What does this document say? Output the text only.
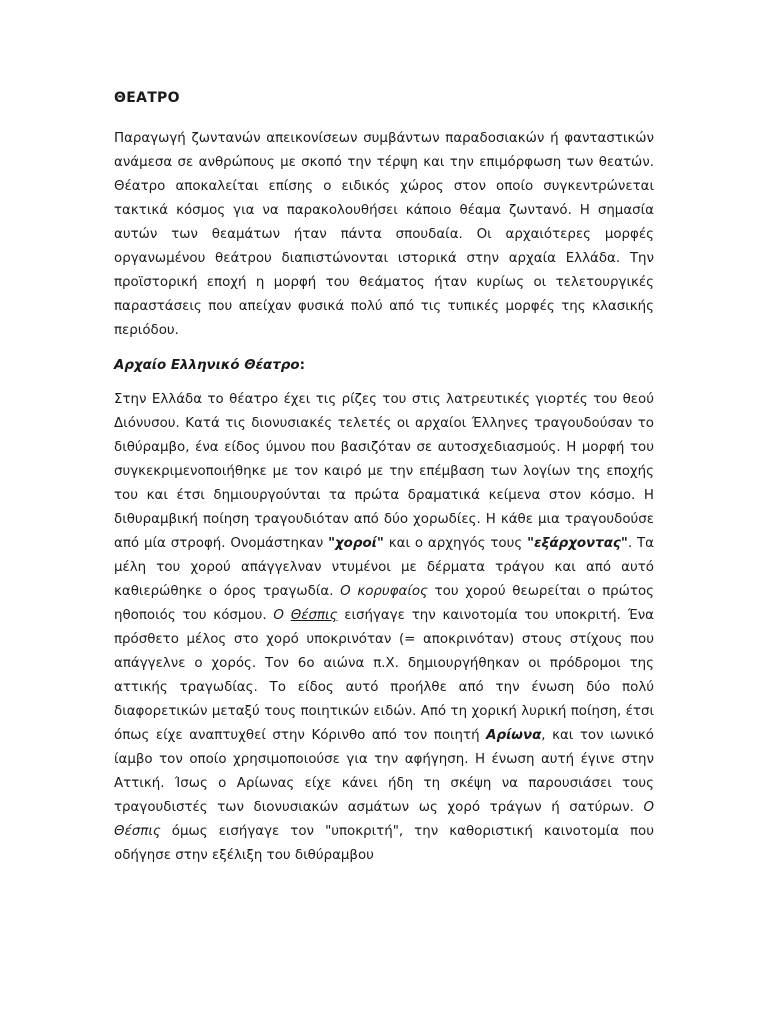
ΘΕΑΤΡΟ

Παραγωγή ζωντανών απεικονίσεων συμβάντων παραδοσιακών ή φανταστικών ανάμεσα σε ανθρώπους με σκοπό την τέρψη και την επιμόρφωση των θεατών. Θέατρο αποκαλείται επίσης ο ειδικός χώρος στον οποίο συγκεντρώνεται τακτικά κόσμος για να παρακολουθήσει κάποιο θέαμα ζωντανό. Η σημασία αυτών των θεαμάτων ήταν πάντα σπουδαία. Οι αρχαιότερες μορφές οργανωμένου θεάτρου διαπιστώνονται ιστορικά στην αρχαία Ελλάδα. Την προϊστορική εποχή η μορφή του θεάματος ήταν κυρίως οι τελετουργικές παραστάσεις που απείχαν φυσικά πολύ από τις τυπικές μορφές της κλασικής περιόδου.

Αρχαίο Ελληνικό Θέατρο:

Στην Ελλάδα το θέατρο έχει τις ρίζες του στις λατρευτικές γιορτές του θεού Διόνυσου. Κατά τις διονυσιακές τελετές οι αρχαίοι Έλληνες τραγουδούσαν το διθύραμβο, ένα είδος ύμνου που βασιζόταν σε αυτοσχεδιασμούς. Η μορφή του συγκεκριμενοποιήθηκε με τον καιρό με την επέμβαση των λογίων της εποχής του και έτσι δημιουργούνται τα πρώτα δραματικά κείμενα στον κόσμο. Η διθυραμβική ποίηση τραγουδιόταν από δύο χορωδίες. Η κάθε μια τραγουδούσε από μία στροφή. Ονομάστηκαν "χοροί" και ο αρχηγός τους "εξάρχοντας". Τα μέλη του χορού απάγγελναν ντυμένοι με δέρματα τράγου και από αυτό καθιερώθηκε ο όρος τραγωδία. Ο κορυφαίος του χορού θεωρείται ο πρώτος ηθοποιός του κόσμου. Ο Θέσπις εισήγαγε την καινοτομία του υποκριτή. Ένα πρόσθετο μέλος στο χορό υποκρινόταν (= αποκρινόταν) στους στίχους που απάγγελνε ο χορός. Τον 6ο αιώνα π.Χ. δημιουργήθηκαν οι πρόδρομοι της αττικής τραγωδίας. Το είδος αυτό προήλθε από την ένωση δύο πολύ διαφορετικών μεταξύ τους ποιητικών ειδών. Από τη χορική λυρική ποίηση, έτσι όπως είχε αναπτυχθεί στην Κόρινθο από τον ποιητή Αρίωνα, και τον ιωνικό ίαμβο τον οποίο χρησιμοποιούσε για την αφήγηση. Η ένωση αυτή έγινε στην Αττική. Ίσως ο Αρίωνας είχε κάνει ήδη τη σκέψη να παρουσιάσει τους τραγουδιστές των διονυσιακών ασμάτων ως χορό τράγων ή σατύρων. Ο Θέσπις όμως εισήγαγε τον "υποκριτή", την καθοριστική καινοτομία που οδήγησε στην εξέλιξη του διθύραμβου
